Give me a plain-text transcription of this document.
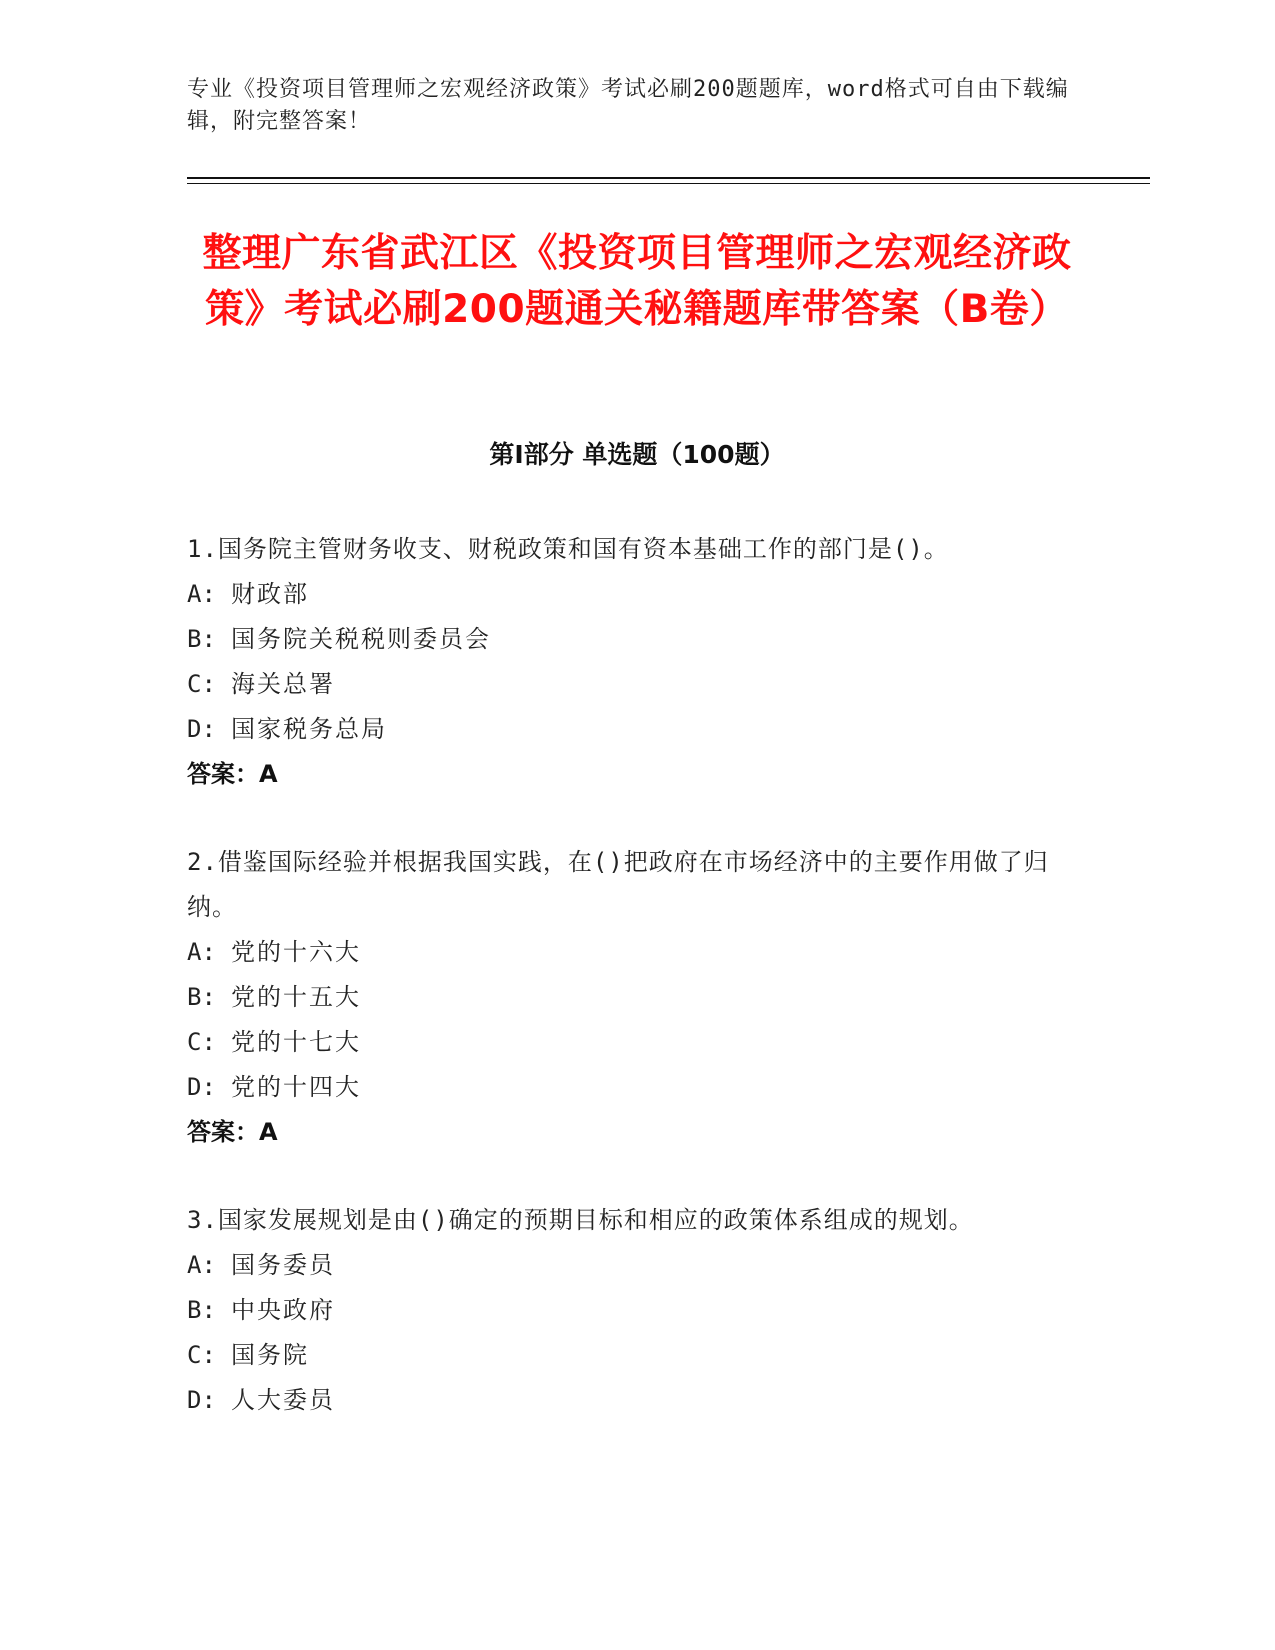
专业《投资项目管理师之宏观经济政策》考试必刷200题题库，word格式可自由下载编辑，附完整答案！
整理广东省武江区《投资项目管理师之宏观经济政策》考试必刷200题通关秘籍题库带答案（B卷）
第I部分 单选题（100题）
1.国务院主管财务收支、财税政策和国有资本基础工作的部门是()。
A: 财政部
B: 国务院关税税则委员会
C: 海关总署
D: 国家税务总局
答案：A
2.借鉴国际经验并根据我国实践，在()把政府在市场经济中的主要作用做了归纳。
A: 党的十六大
B: 党的十五大
C: 党的十七大
D: 党的十四大
答案：A
3.国家发展规划是由()确定的预期目标和相应的政策体系组成的规划。
A: 国务委员
B: 中央政府
C: 国务院
D: 人大委员
